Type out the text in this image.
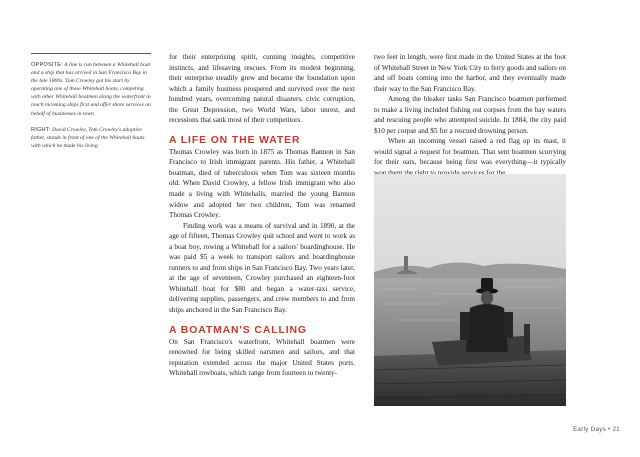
OPPOSITE: A line is run between a Whitehall boat and a ship that has arrived in San Francisco Bay in the late 1800s. Tom Crowley got his start by operating one of these Whitehall boats, competing with other Whitehall boatmen along the waterfront to reach incoming ships first and offer shore services on behalf of businesses in town.
RIGHT: David Crowley, Tom Crowley's adoptive father, stands in front of one of the Whitehall boats with which he made his living.

for their enterprising spirit, cunning insights, competitive instincts, and lifesaving rescues. From its modest beginning, their enterprise steadily grew and became the foundation upon which a family business prospered and survived over the next hundred years, overcoming natural disasters, civic corruption, the Great Depression, two World Wars, labor unrest, and recessions that sank most of their competitors.

A LIFE ON THE WATER

Thomas Crowley was born in 1875 as Thomas Bannon in San Francisco to Irish immigrant parents. His father, a Whitehall boatman, died of tuberculosis when Tom was sixteen months old. When David Crowley, a fellow Irish immigrant who also made a living with Whitehalls, married the young Bannon widow and adopted her two children, Tom was renamed Thomas Crowley.

Finding work was a means of survival and in 1890, at the age of fifteen, Thomas Crowley quit school and went to work as a boat boy, rowing a Whitehall for a sailors' boardinghouse. He was paid $5 a week to transport sailors and boardinghouse runners to and from ships in San Francisco Bay. Two years later, at the age of seventeen, Crowley purchased an eighteen-foot Whitehall boat for $80 and began a water-taxi service, delivering supplies, passengers, and crew members to and from ships anchored in the San Francisco Bay.

A BOATMAN'S CALLING

On San Francisco's waterfront, Whitehall boatmen were renowned for being skilled oarsmen and sailors, and that reputation extended across the major United States ports. Whitehall rowboats, which range from fourteen to twenty-

two feet in length, were first made in the United States at the foot of Whitehall Street in New York City to ferry goods and sailors on and off boats coming into the harbor, and they eventually made their way to the San Francisco Bay.

Among the bleaker tasks San Francisco boatmen performed to make a living included fishing out corpses from the bay waters and rescuing people who attempted suicide. In 1884, the city paid $10 per corpse and $5 for a rescued drowning person.

When an incoming vessel raised a red flag up its mast, it would signal a request for boatmen. That sent boatmen scurrying for their oars, because being first was everything—it typically

Early Days • 21
